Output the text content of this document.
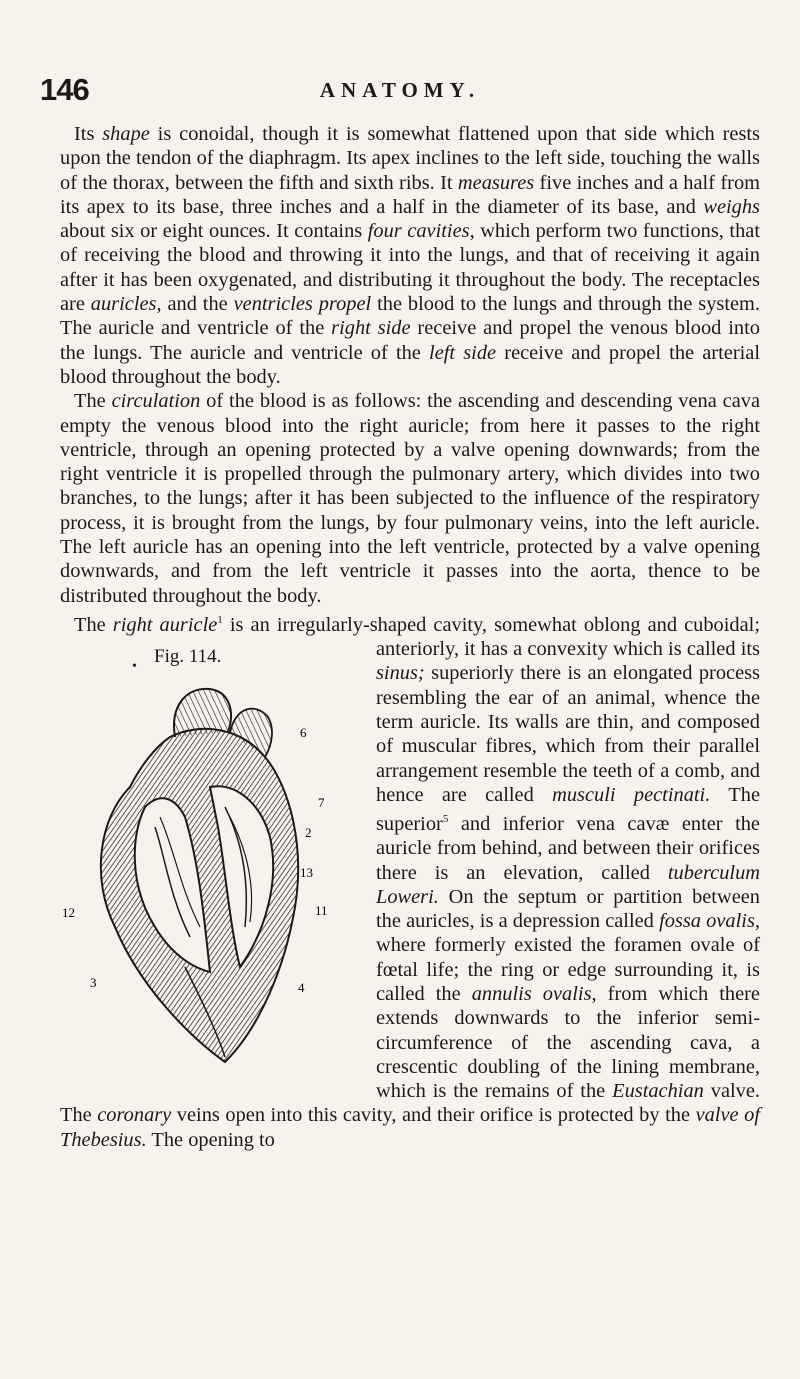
146	ANATOMY.

Its shape is conoidal, though it is somewhat flattened upon that side which rests upon the tendon of the diaphragm. Its apex inclines to the left side, touching the walls of the thorax, between the fifth and sixth ribs. It measures five inches and a half from its apex to its base, three inches and a half in the diameter of its base, and weighs about six or eight ounces. It contains four cavities, which perform two functions, that of receiving the blood and throwing it into the lungs, and that of receiving it again after it has been oxygenated, and distributing it throughout the body. The receptacles are auricles, and the ventricles propel the blood to the lungs and through the system. The auricle and ventricle of the right side receive and propel the venous blood into the lungs. The auricle and ventricle of the left side receive and propel the arterial blood throughout the body.

The circulation of the blood is as follows: the ascending and descending vena cava empty the venous blood into the right auricle; from here it passes to the right ventricle, through an opening protected by a valve opening downwards; from the right ventricle it is propelled through the pulmonary artery, which divides into two branches, to the lungs; after it has been subjected to the influence of the respiratory process, it is brought from the lungs, by four pulmonary veins, into the left auricle. The left auricle has an opening into the left ventricle, protected by a valve opening downwards, and from the left ventricle it passes into the aorta, thence to be distributed throughout the body.

The right auricle$^1$ is an irregularly-shaped cavity, somewhat oblong and cuboidal; anteriorly, it has a convexity which is called its
• Fig. 114.
6
7
2
13
12	11
3	4
sinus; superiorly there is an elongated process resembling the ear of an animal, whence the term auricle. Its walls are thin, and composed of muscular fibres, which from their parallel arrangement resemble the teeth of a comb, and hence are called musculi pectinati. The superior$^5$ and inferior vena cavæ enter the auricle from behind, and between their orifices there is an elevation, called tuberculum Loweri. On the septum or partition between the auricles, is a depression called fossa ovalis, where formerly existed the foramen ovale of fœtal life; the ring or edge surrounding it, is called the annulis ovalis, from which there extends downwards to the inferior semi-circumference of the ascending cava, a crescentic doubling of the lining membrane, which is the remains of the Eustachian valve. The coronary veins open into this cavity, and their orifice is protected by the valve of Thebesius. The opening to
